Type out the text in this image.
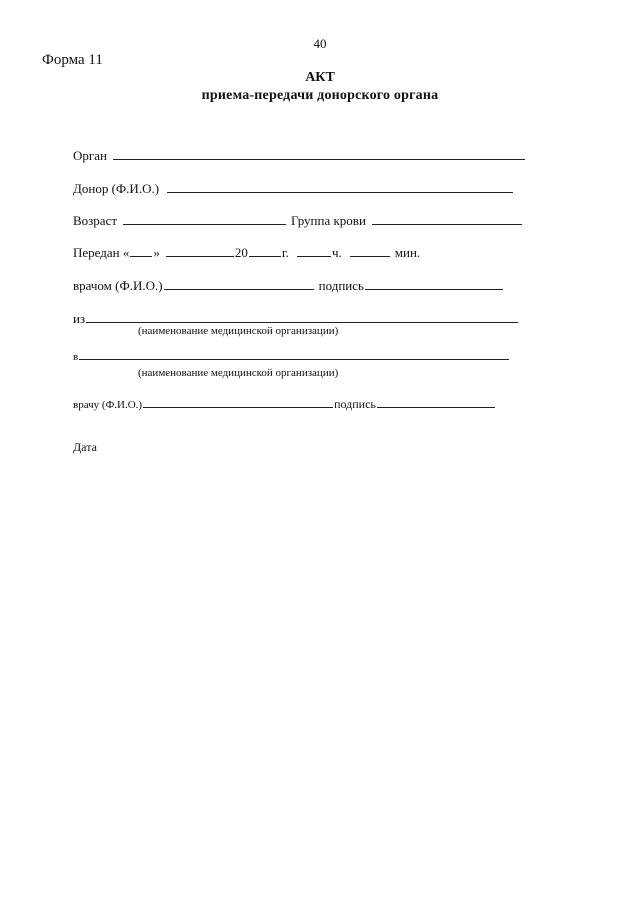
40
Форма 11
АКТ
приема-передачи донорского органа
Орган
Донор (Ф.И.О.)
Возраст	Группа крови
Передан « »	20	г.	ч.	мин.
врачом (Ф.И.О.)	подпись
из
(наименование медицинской организации)
в
(наименование медицинской организации)
врачу (Ф.И.О.)	подпись
Дата
